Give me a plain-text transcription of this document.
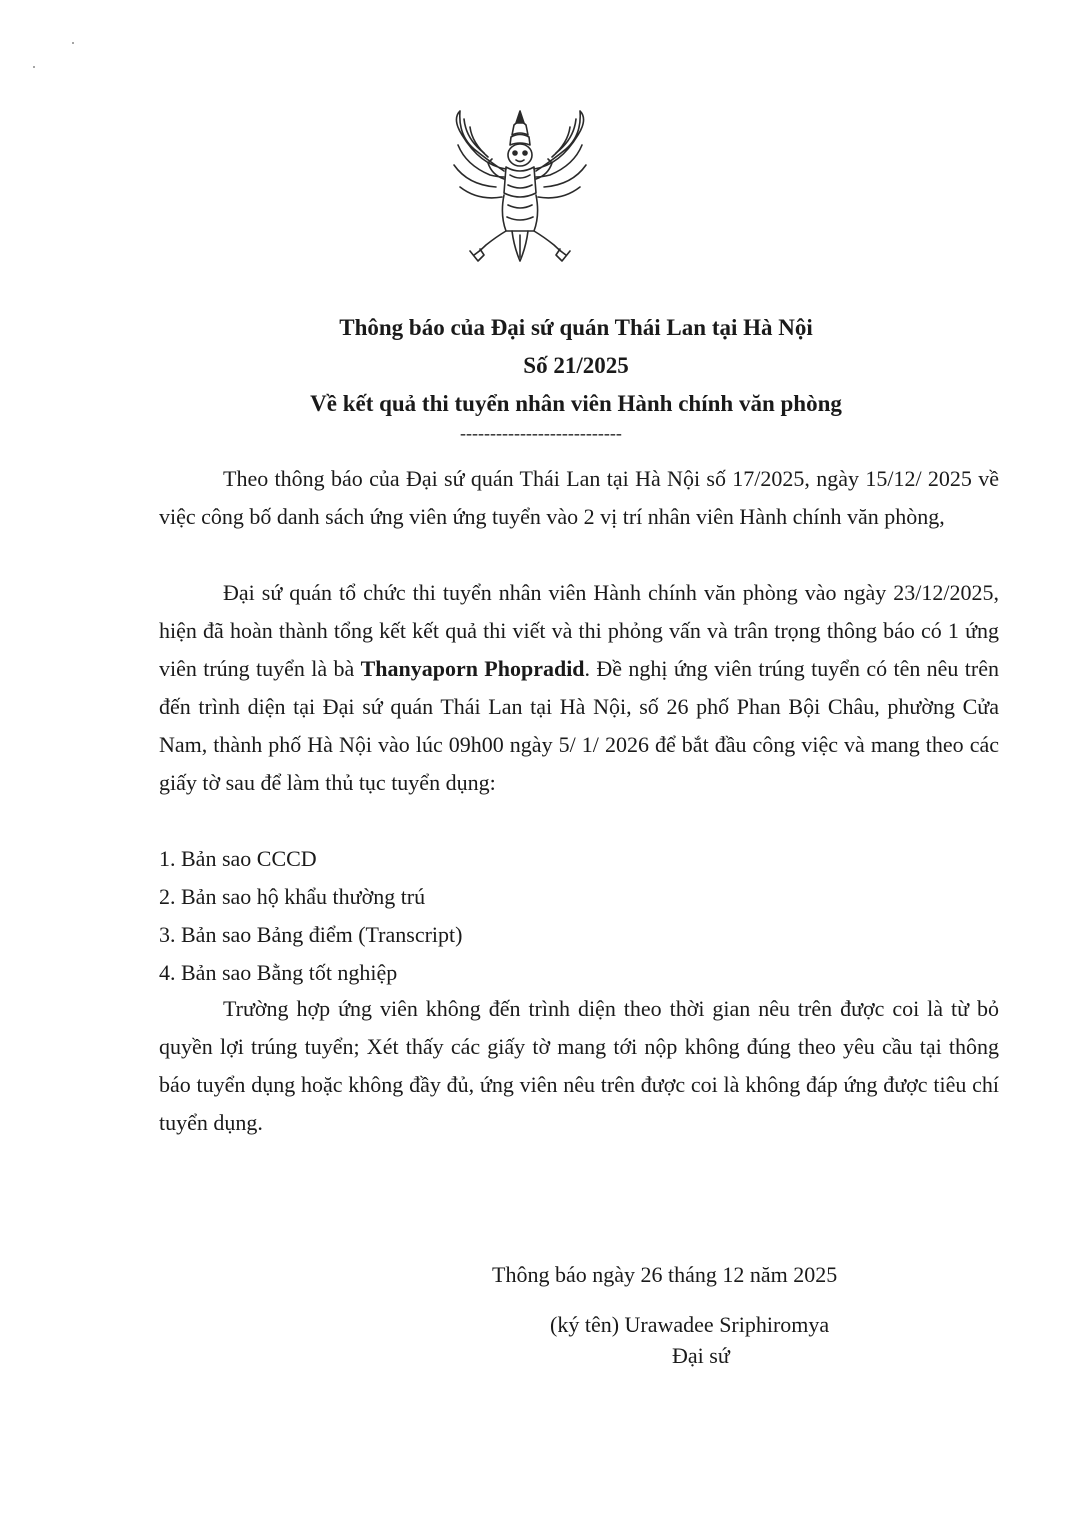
Thông báo của Đại sứ quán Thái Lan tại Hà Nội
Số 21/2025
Về kết quả thi tuyển nhân viên Hành chính văn phòng
---------------------------

Theo thông báo của Đại sứ quán Thái Lan tại Hà Nội số 17/2025, ngày 15/12/ 2025 về việc công bố danh sách ứng viên ứng tuyển vào 2 vị trí nhân viên Hành chính văn phòng,

Đại sứ quán tổ chức thi tuyển nhân viên Hành chính văn phòng vào ngày 23/12/2025, hiện đã hoàn thành tổng kết kết quả thi viết và thi phỏng vấn và trân trọng thông báo có 1 ứng viên trúng tuyển là bà Thanyaporn Phopradid. Đề nghị ứng viên trúng tuyển có tên nêu trên đến trình diện tại Đại sứ quán Thái Lan tại Hà Nội, số 26 phố Phan Bội Châu, phường Cửa Nam, thành phố Hà Nội vào lúc 09h00 ngày 5/ 1/ 2026 để bắt đầu công việc và mang theo các giấy tờ sau để làm thủ tục tuyển dụng:

1. Bản sao CCCD
2. Bản sao hộ khẩu thường trú
3. Bản sao Bảng điểm (Transcript)
4. Bản sao Bằng tốt nghiệp

Trường hợp ứng viên không đến trình diện theo thời gian nêu trên được coi là từ bỏ quyền lợi trúng tuyển; Xét thấy các giấy tờ mang tới nộp không đúng theo yêu cầu tại thông báo tuyển dụng hoặc không đầy đủ, ứng viên nêu trên được coi là không đáp ứng được tiêu chí tuyển dụng.

Thông báo ngày 26 tháng 12 năm 2025
(ký tên) Urawadee Sriphiromya
Đại sứ
